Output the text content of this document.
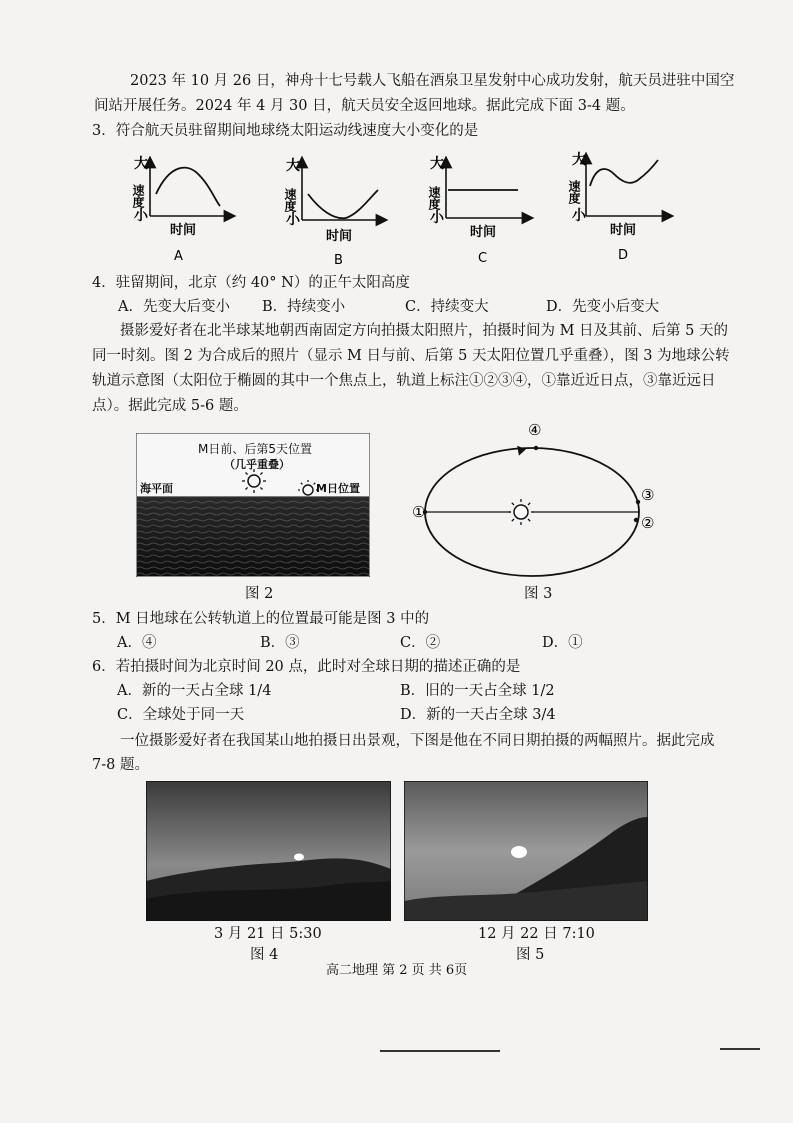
2023 年 10 月 26 日，神舟十七号载人飞船在酒泉卫星发射中心成功发射，航天员进驻中国空
间站开展任务。2024 年 4 月 30 日，航天员安全返回地球。据此完成下面 3-4 题。
3．符合航天员驻留期间地球绕太阳运动线速度大小变化的是
大
小
速度
时间
A
大
小
速度
时间
B
大
小
速度
时间
C
大
小
速度
时间
D
4．驻留期间，北京（约 40° N）的正午太阳高度
A．先变大后变小 B．持续变小	C．持续变大	D．先变小后变大
摄影爱好者在北半球某地朝西南固定方向拍摄太阳照片，拍摄时间为 M 日及其前、后第 5 天的
同一时刻。图 2 为合成后的照片（显示 M 日与前、后第 5 天太阳位置几乎重叠），图 3 为地球公转
轨道示意图（太阳位于椭圆的其中一个焦点上，轨道上标注①②③④，①靠近近日点，③靠近远日
点）。据此完成 5-6 题。
M日前、后第5天位置
（几乎重叠）
海平面	M日位置
图 2
④
③
②
①
图 3
5．M 日地球在公转轨道上的位置最可能是图 3 中的
A．④	B．③	C．②	D．①
6．若拍摄时间为北京时间 20 点，此时对全球日期的描述正确的是
A．新的一天占全球 1/4	B．旧的一天占全球 1/2
C．全球处于同一天	D．新的一天占全球 3/4
一位摄影爱好者在我国某山地拍摄日出景观，下图是他在不同日期拍摄的两幅照片。据此完成
7-8 题。
3 月 21 日 5:30
图 4
12 月 22 日 7:10
图 5
高二地理 第 2 页 共 6页
